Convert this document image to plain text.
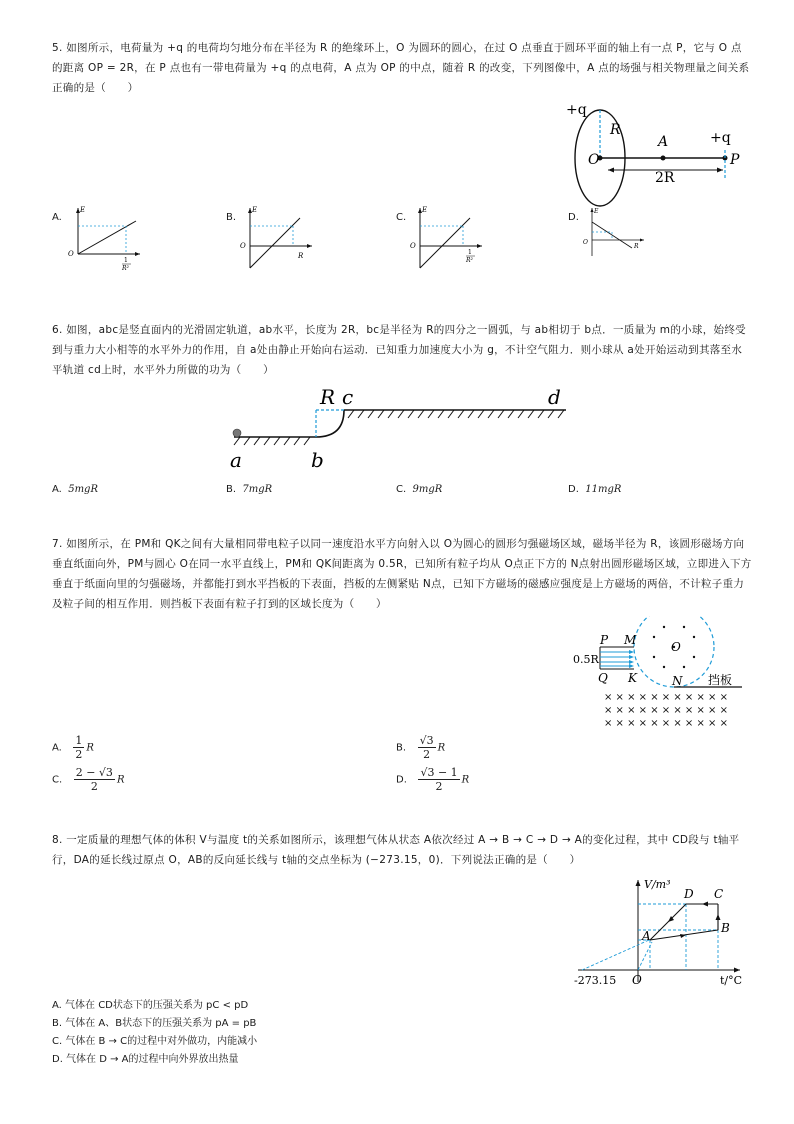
5. 如图所示，电荷量为 +q 的电荷均匀地分布在半径为 R 的绝缘环上，O 为圆环的圆心，在过 O 点垂直于圆环平面的轴上有一点 P，它与 O 点的距离 OP = 2R，在 P 点也有一带电荷量为 +q 的点电荷，A 点为 OP 的中点，随着 R 的改变，下列图像中，A 点的场强与相关物理量之间关系正确的是（　　）
+q
R
A	+q
O	P
2R
A.
E
O
1
R²
B.
E
O
R
C.
E
O
1
R²
D.
E
O
R
6. 如图，abc是竖直面内的光滑固定轨道，ab水平，长度为 2R，bc是半径为 R的四分之一圆弧，与 ab相切于 b点．一质量为 m的小球，始终受到与重力大小相等的水平外力的作用，自 a处由静止开始向右运动．已知重力加速度大小为 g，不计空气阻力．则小球从 a处开始运动到其落至水平轨道 cd上时，水平外力所做的功为（　　）
R c	d
a	b
A. 5mgR	B. 7mgR	C. 9mgR	D. 11mgR
7. 如图所示，在 PM和 QK之间有大量相同带电粒子以同一速度沿水平方向射入以 O为圆心的圆形匀强磁场区域，磁场半径为 R，该圆形磁场方向垂直纸面向外，PM与圆心 O在同一水平直线上，PM和 QK间距离为 0.5R，已知所有粒子均从 O点正下方的 N点射出圆形磁场区域，立即进入下方垂直于纸面向里的匀强磁场，并都能打到水平挡板的下表面，挡板的左侧紧贴 N点，已知下方磁场的磁感应强度是上方磁场的两倍，不计粒子重力及粒子间的相互作用．则挡板下表面有粒子打到的区域长度为（　　）
× × × × × × × × × × ×
× × × × × × × × × × ×
× × × × × × × × × × ×
P M	O
0.5R
Q K	N 挡板
A. $\frac{1}{2}$ R	B. $\frac{√3}{2}$ R
C. $\frac{2 - √3}{2}$ R	D. $\frac{√3 - 1}{2}$ R
8. 一定质量的理想气体的体积 V与温度 t的关系如图所示，该理想气体从状态 A依次经过 A → B → C → D → A的变化过程，其中 CD段与 t轴平行，DA的延长线过原点 O，AB的反向延长线与 t轴的交点坐标为 (−273.15，0)．下列说法正确的是（　　）
V/m³
D C
B
A
-273.15 O	t/°C
A. 气体在 CD状态下的压强关系为 pC < pD
B. 气体在 A、B状态下的压强关系为 pA = pB
C. 气体在 B → C的过程中对外做功，内能减小
D. 气体在 D → A的过程中向外界放出热量
